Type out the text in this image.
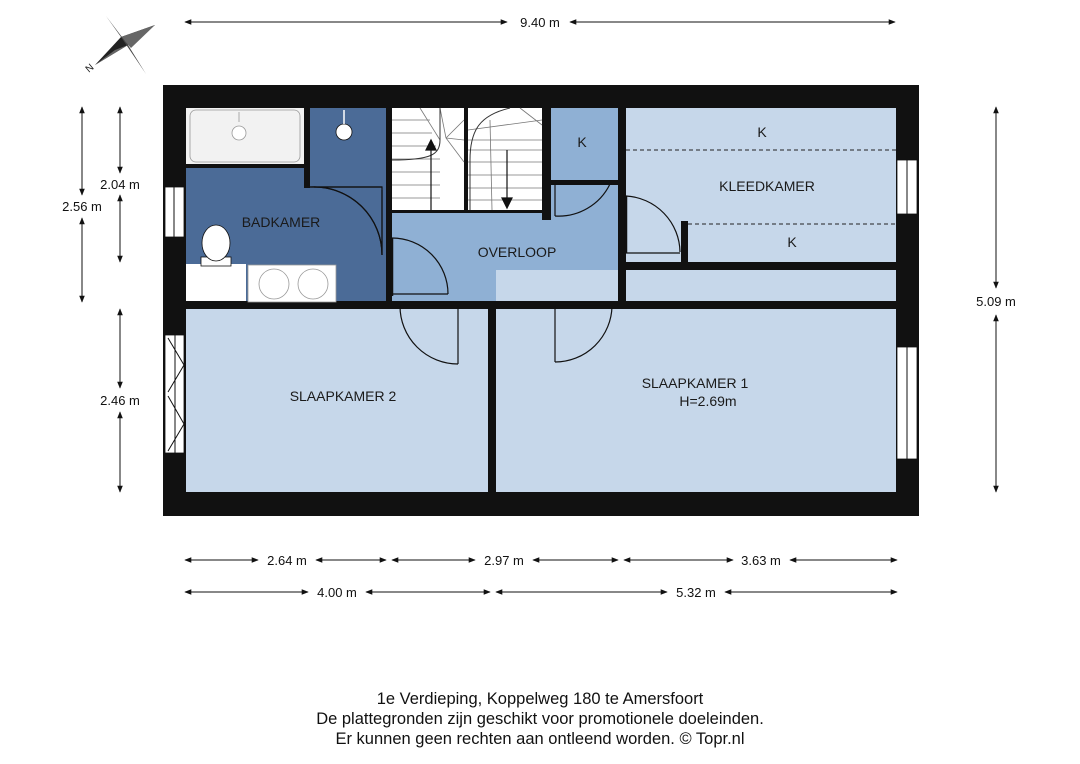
N
BADKAMER
OVERLOOP
K
K
KLEEDKAMER
K
SLAAPKAMER 2
SLAAPKAMER 1
H=2.69m
9.40 m
5.09 m
2.56 m
2.04 m
2.46 m
2.64 m	2.97 m	3.63 m
4.00 m	5.32 m
1e Verdieping, Koppelweg 180 te Amersfoort
De plattegronden zijn geschikt voor promotionele doeleinden.
Er kunnen geen rechten aan ontleend worden. © Topr.nl
